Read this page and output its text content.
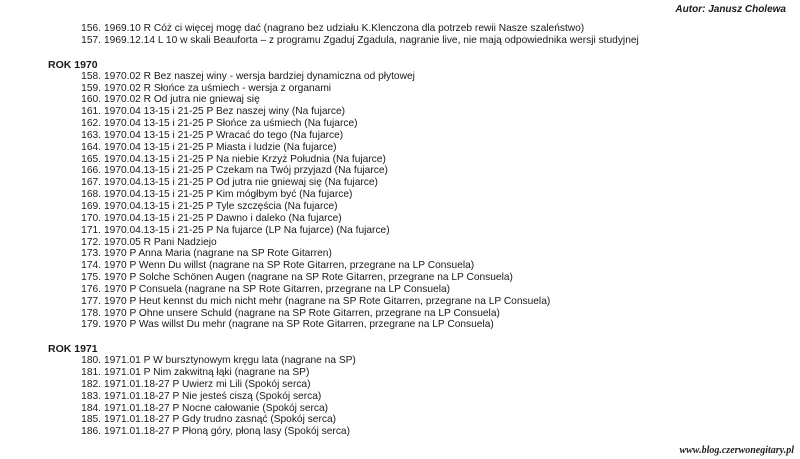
Autor: Janusz Cholewa
156. 1969.10 R Cóż ci więcej mogę dać (nagrano bez udziału K.Klenczona dla potrzeb rewii Nasze szaleństwo)
157. 1969.12.14 L 10 w skali Beauforta – z programu Zgaduj Zgadula, nagranie live, nie mają odpowiednika wersji studyjnej
ROK 1970
158. 1970.02 R Bez naszej winy - wersja bardziej dynamiczna od płytowej
159. 1970.02 R Słońce za uśmiech - wersja z organami
160. 1970.02 R Od jutra nie gniewaj się
161. 1970.04 13-15 i 21-25 P Bez naszej winy (Na fujarce)
162. 1970.04 13-15 i 21-25 P Słońce za uśmiech (Na fujarce)
163. 1970.04 13-15 i 21-25 P Wracać do tego (Na fujarce)
164. 1970.04 13-15 i 21-25 P Miasta i ludzie (Na fujarce)
165. 1970.04.13-15 i 21-25 P Na niebie Krzyż Południa (Na fujarce)
166. 1970.04.13-15 i 21-25 P Czekam na Twój przyjazd (Na fujarce)
167. 1970.04.13-15 i 21-25 P Od jutra nie gniewaj się (Na fujarce)
168. 1970.04.13-15 i 21-25 P Kim mógłbym być (Na fujarce)
169. 1970.04.13-15 i 21-25 P Tyle szczęścia (Na fujarce)
170. 1970.04.13-15 i 21-25 P Dawno i daleko (Na fujarce)
171. 1970.04.13-15 i 21-25 P Na fujarce (LP Na fujarce) (Na fujarce)
172. 1970.05 R Pani Nadziejo
173. 1970 P Anna Maria (nagrane na SP Rote Gitarren)
174. 1970 P Wenn Du willst (nagrane na SP Rote Gitarren, przegrane na LP Consuela)
175. 1970 P Solche Schönen Augen (nagrane na SP Rote Gitarren, przegrane na LP Consuela)
176. 1970 P Consuela (nagrane na SP Rote Gitarren, przegrane na LP Consuela)
177. 1970 P Heut kennst du mich nicht mehr (nagrane na SP Rote Gitarren, przegrane na LP Consuela)
178. 1970 P Ohne unsere Schuld (nagrane na SP Rote Gitarren, przegrane na LP Consuela)
179. 1970 P Was willst Du mehr (nagrane na SP Rote Gitarren, przegrane na LP Consuela)
ROK 1971
180. 1971.01 P W bursztynowym kręgu lata (nagrane na SP)
181. 1971.01 P Nim zakwitną łąki (nagrane na SP)
182. 1971.01.18-27 P Uwierz mi Lili (Spokój serca)
183. 1971.01.18-27 P Nie jesteś ciszą (Spokój serca)
184. 1971.01.18-27 P Nocne całowanie (Spokój serca)
185. 1971.01.18-27 P Gdy trudno zasnąć (Spokój serca)
186. 1971.01.18-27 P Płoną góry, płoną lasy (Spokój serca)
www.blog.czerwonegitary.pl
